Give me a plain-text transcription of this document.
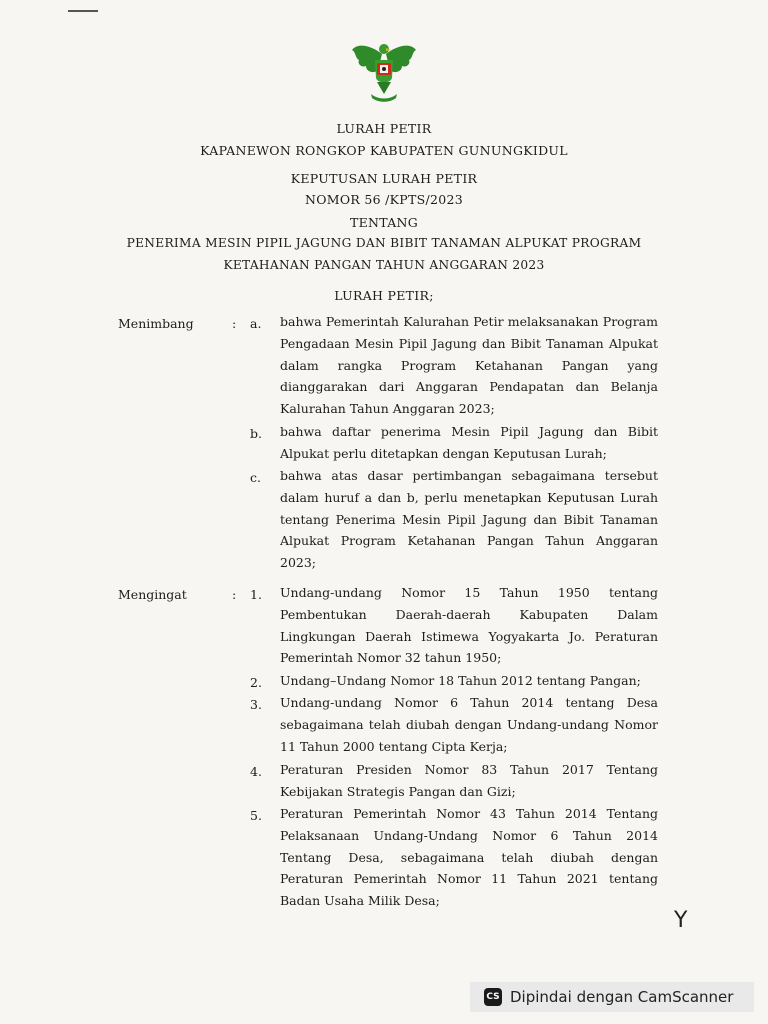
LURAH PETIR
KAPANEWON RONGKOP KABUPATEN GUNUNGKIDUL
KEPUTUSAN LURAH PETIR
NOMOR 56 /KPTS/2023
TENTANG
PENERIMA MESIN PIPIL JAGUNG DAN BIBIT TANAMAN ALPUKAT PROGRAM
KETAHANAN PANGAN TAHUN ANGGARAN 2023
LURAH PETIR;
Menimbang	: a. bahwa Pemerintah Kalurahan Petir melaksanakan Program Pengadaan Mesin Pipil Jagung dan Bibit Tanaman Alpukat dalam rangka Program Ketahanan Pangan yang dianggarakan dari Anggaran Pendapatan dan Belanja Kalurahan Tahun Anggaran 2023;
b. bahwa daftar penerima Mesin Pipil Jagung dan Bibit Alpukat perlu ditetapkan dengan Keputusan Lurah;
c. bahwa atas dasar pertimbangan sebagaimana tersebut dalam huruf a dan b, perlu menetapkan Keputusan Lurah tentang Penerima Mesin Pipil Jagung dan Bibit Tanaman Alpukat Program Ketahanan Pangan Tahun Anggaran 2023;
Mengingat	: 1. Undang-undang Nomor 15 Tahun 1950 tentang Pembentukan Daerah-daerah Kabupaten Dalam Lingkungan Daerah Istimewa Yogyakarta Jo. Peraturan Pemerintah Nomor 32 tahun 1950;
2. Undang–Undang Nomor 18 Tahun 2012 tentang Pangan;
3. Undang-undang Nomor 6 Tahun 2014 tentang Desa sebagaimana telah diubah dengan Undang-undang Nomor 11 Tahun 2000 tentang Cipta Kerja;
4. Peraturan Presiden Nomor 83 Tahun 2017 Tentang Kebijakan Strategis Pangan dan Gizi;
5. Peraturan Pemerintah Nomor 43 Tahun 2014 Tentang Pelaksanaan Undang-Undang Nomor 6 Tahun 2014 Tentang Desa, sebagaimana telah diubah dengan Peraturan Pemerintah Nomor 11 Tahun 2021 tentang Badan Usaha Milik Desa;
Y
CS Dipindai dengan CamScanner
